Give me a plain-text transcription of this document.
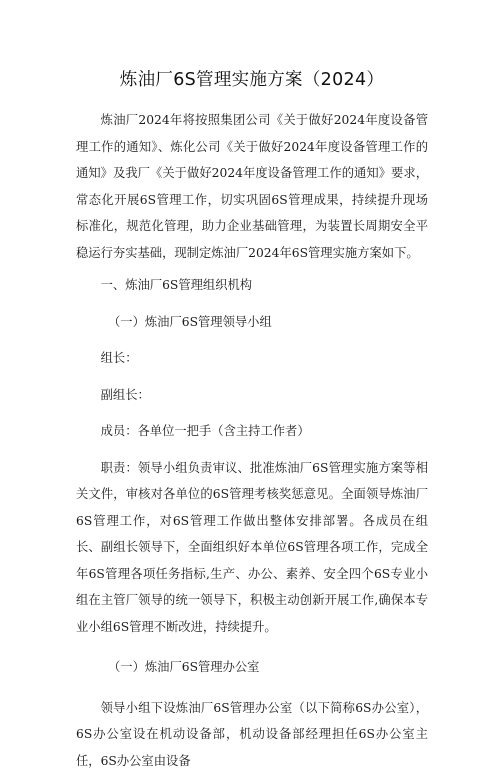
炼油厂6S管理实施方案（2024）

炼油厂2024年将按照集团公司《关于做好2024年度设备管理工作的通知》、炼化公司《关于做好2024年度设备管理工作的通知》及我厂《关于做好2024年度设备管理工作的通知》要求，常态化开展6S管理工作，切实巩固6S管理成果，持续提升现场标准化，规范化管理，助力企业基础管理，为装置长周期安全平稳运行夯实基础，现制定炼油厂2024年6S管理实施方案如下。

一、炼油厂6S管理组织机构

（一）炼油厂6S管理领导小组

组长：

副组长：

成员：各单位一把手（含主持工作者）

职责：领导小组负责审议、批准炼油厂6S管理实施方案等相关文件，审核对各单位的6S管理考核奖惩意见。全面领导炼油厂6S管理工作，对6S管理工作做出整体安排部署。各成员在组长、副组长领导下，全面组织好本单位6S管理各项工作，完成全年6S管理各项任务指标,生产、办公、素养、安全四个6S专业小组在主管厂领导的统一领导下，积极主动创新开展工作,确保本专业小组6S管理不断改进，持续提升。

（一）炼油厂6S管理办公室

领导小组下设炼油厂6S管理办公室（以下简称6S办公室），6S办公室设在机动设备部，机动设备部经理担任6S办公室主任，6S办公室由设备
